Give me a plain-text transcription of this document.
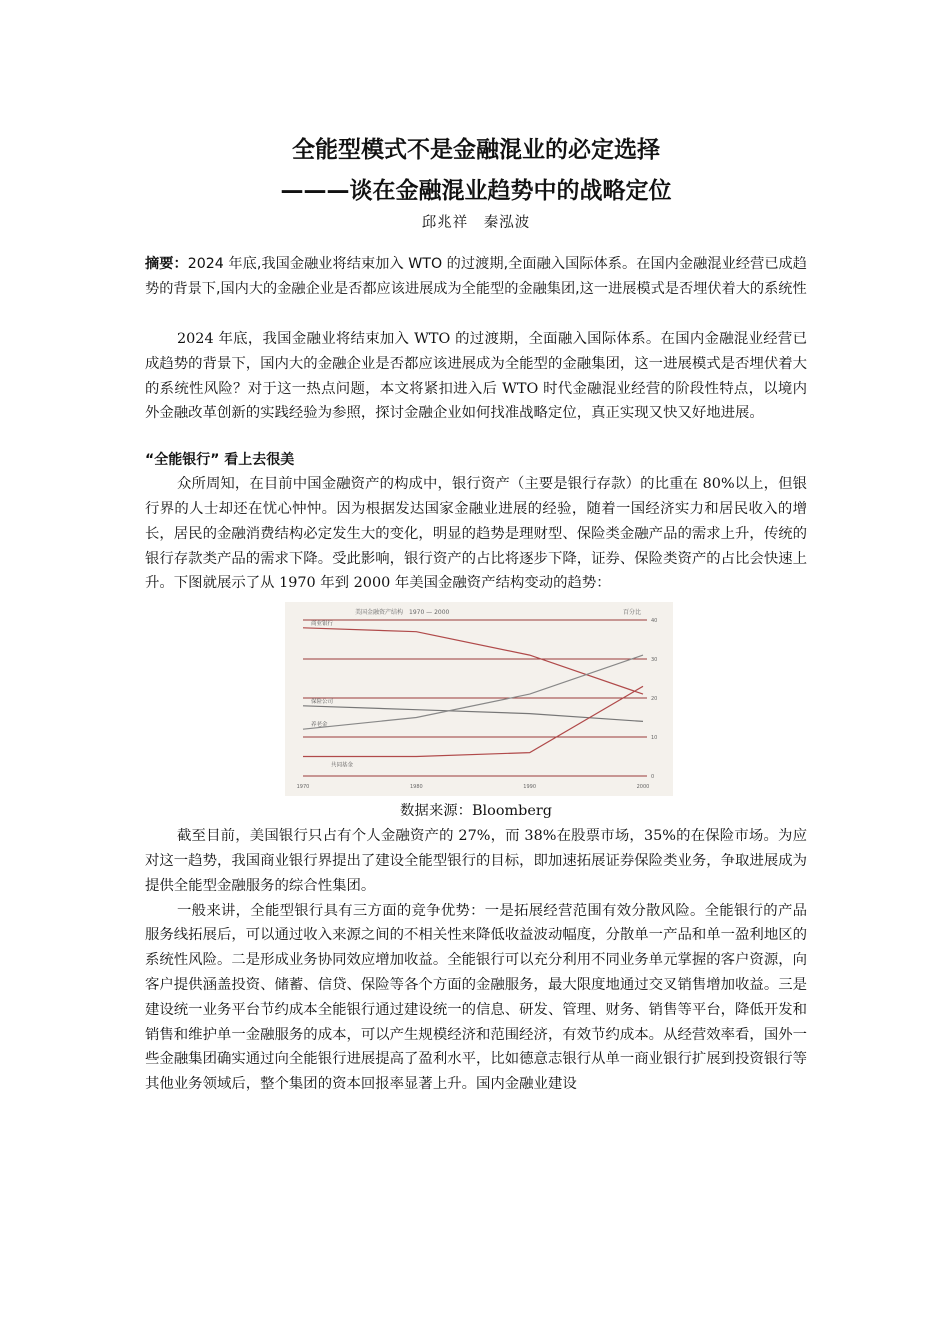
全能型模式不是金融混业的必定选择
———谈在金融混业趋势中的战略定位
邱兆祥　秦泓波
摘要：2024 年底,我国金融业将结束加入 WTO 的过渡期,全面融入国际体系。在国内金融混业经营已成趋势的背景下,国内大的金融企业是否都应该进展成为全能型的金融集团,这一进展模式是否埋伏着大的系统性

2024 年底，我国金融业将结束加入 WTO 的过渡期，全面融入国际体系。在国内金融混业经营已成趋势的背景下，国内大的金融企业是否都应该进展成为全能型的金融集团，这一进展模式是否埋伏着大的系统性风险？对于这一热点问题，本文将紧扣进入后 WTO 时代金融混业经营的阶段性特点，以境内外金融改革创新的实践经验为参照，探讨金融企业如何找准战略定位，真正实现又快又好地进展。

“全能银行” 看上去很美

众所周知，在目前中国金融资产的构成中，银行资产（主要是银行存款）的比重在 80%以上，但银行界的人士却还在忧心忡忡。因为根据发达国家金融业进展的经验，随着一国经济实力和居民收入的增长，居民的金融消费结构必定发生大的变化，明显的趋势是理财型、保险类金融产品的需求上升，传统的银行存款类产品的需求下降。受此影响，银行资产的占比将逐步下降，证券、保险类资产的占比会快速上升。下图就展示了从 1970 年到 2000 年美国金融资产结构变动的趋势：

美国金融资产结构　1970 — 2000	百分比
40
30
20
10
0
1970	1980	1990	2000
商业银行
保险公司
养老金
共同基金
数据来源：Bloomberg

截至目前，美国银行只占有个人金融资产的 27%，而 38%在股票市场，35%的在保险市场。为应对这一趋势，我国商业银行界提出了建设全能型银行的目标，即加速拓展证券保险类业务，争取进展成为提供全能型金融服务的综合性集团。

一般来讲，全能型银行具有三方面的竞争优势：一是拓展经营范围有效分散风险。全能银行的产品服务线拓展后，可以通过收入来源之间的不相关性来降低收益波动幅度，分散单一产品和单一盈利地区的系统性风险。二是形成业务协同效应增加收益。全能银行可以充分利用不同业务单元掌握的客户资源，向客户提供涵盖投资、储蓄、信贷、保险等各个方面的金融服务，最大限度地通过交叉销售增加收益。三是建设统一业务平台节约成本全能银行通过建设统一的信息、研发、管理、财务、销售等平台，降低开发和销售和维护单一金融服务的成本，可以产生规模经济和范围经济，有效节约成本。从经营效率看，国外一些金融集团确实通过向全能银行进展提高了盈利水平，比如德意志银行从单一商业银行扩展到投资银行等其他业务领域后，整个集团的资本回报率显著上升。国内金融业建设
